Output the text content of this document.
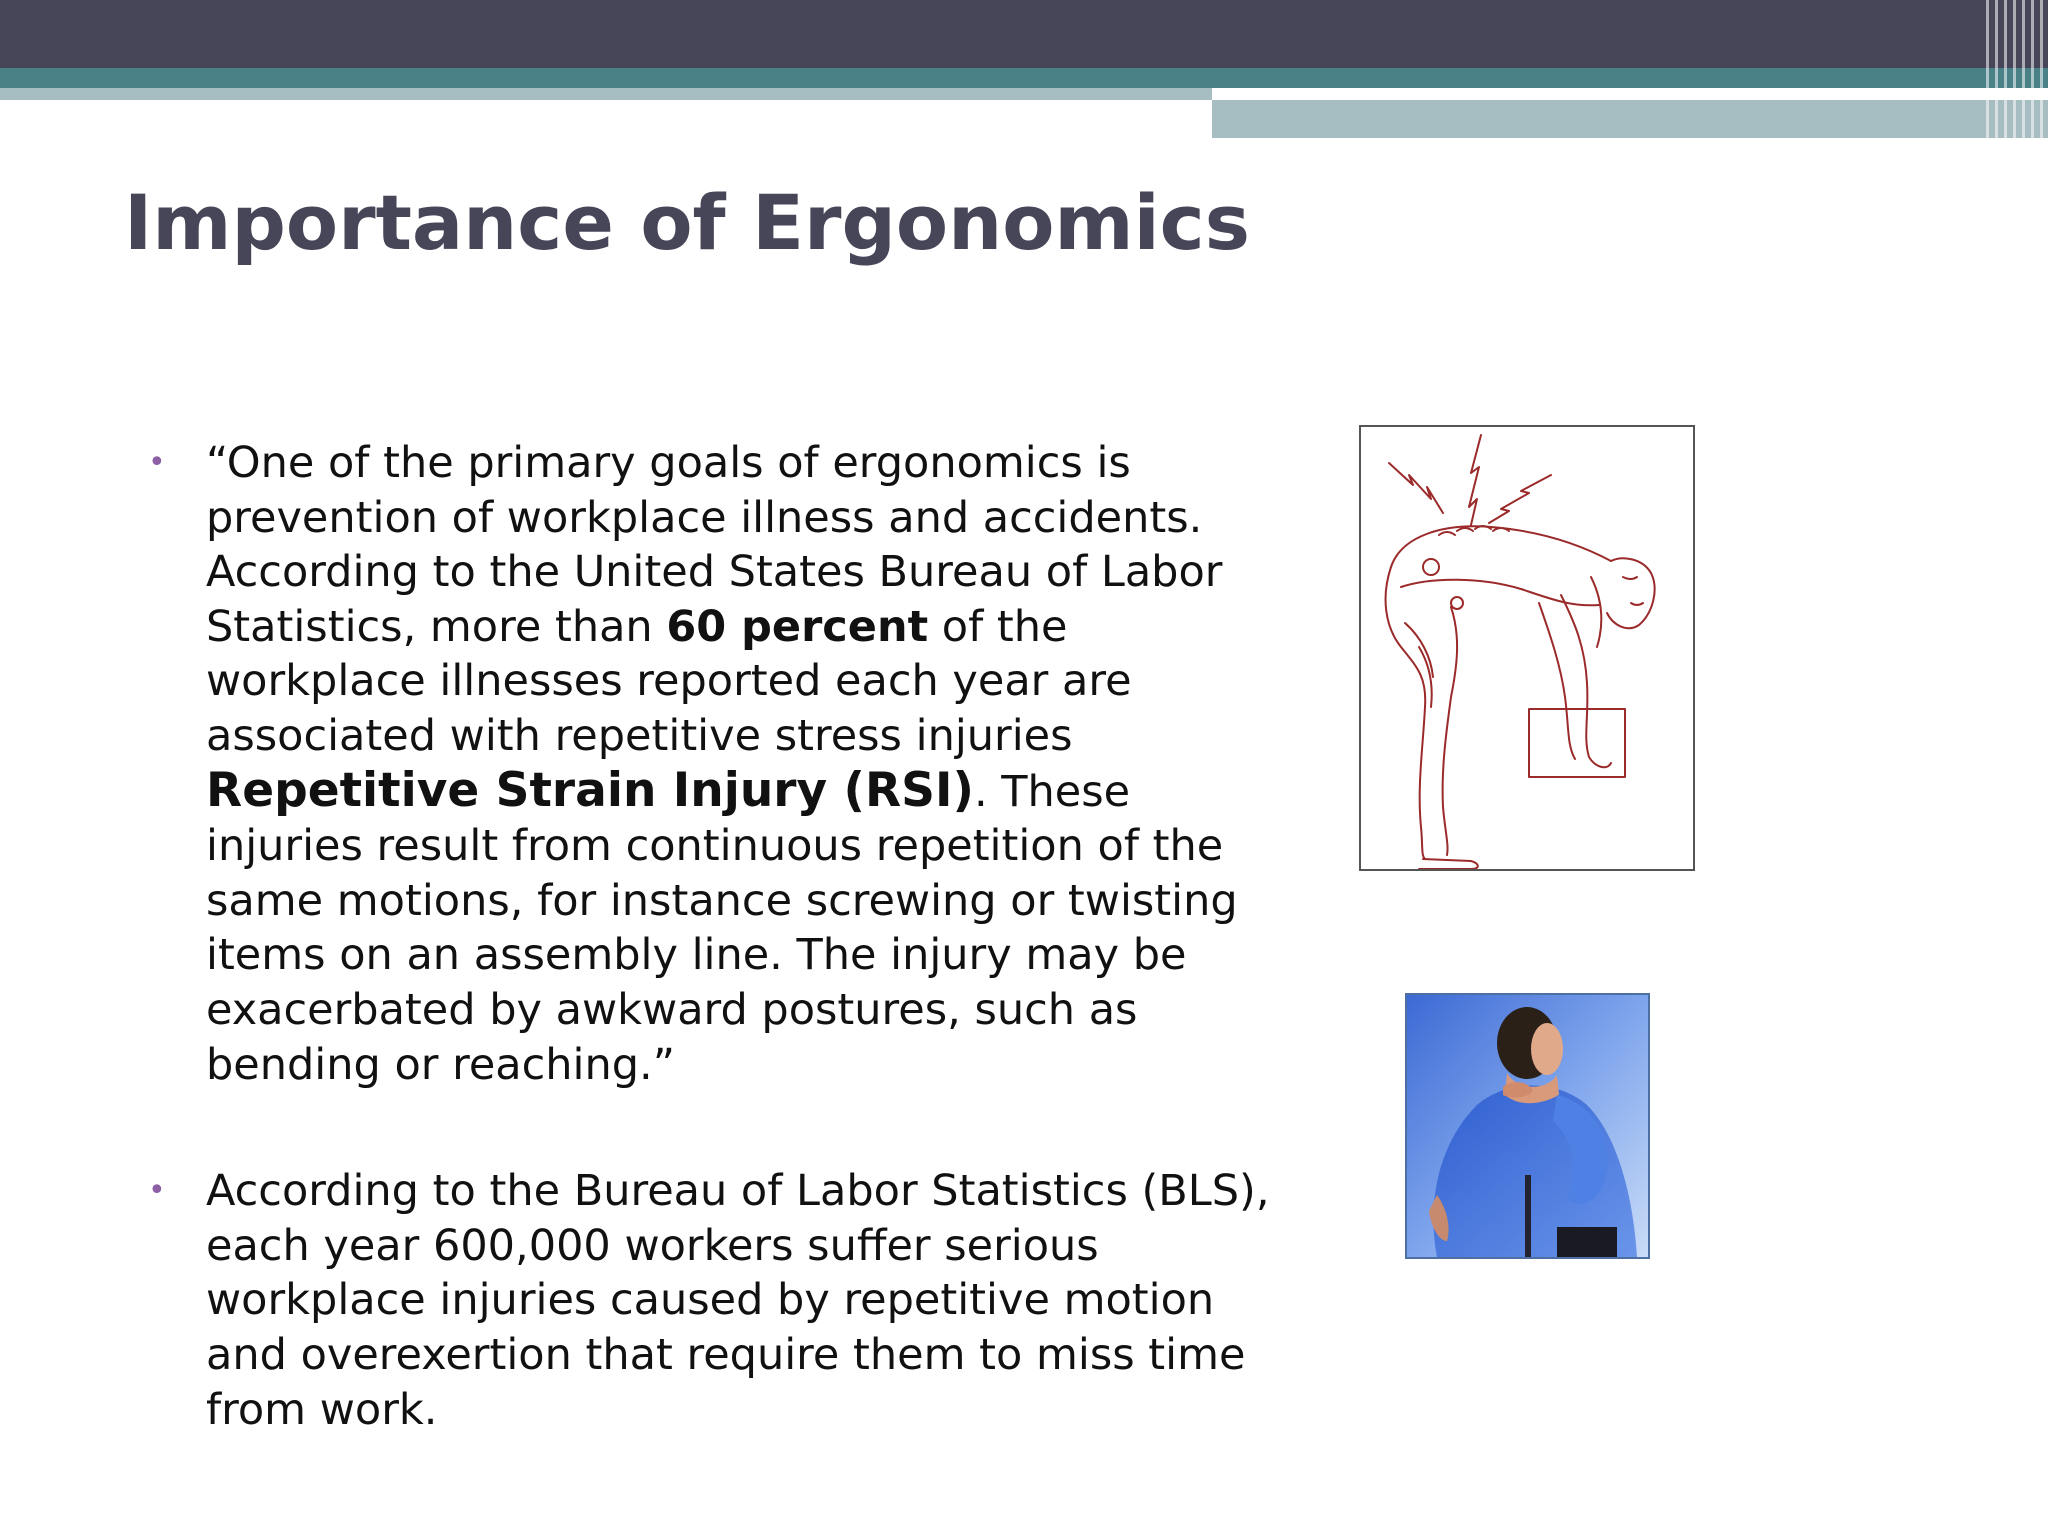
Importance of Ergonomics
• “One of the primary goals of ergonomics is prevention of workplace illness and accidents. According to the United States Bureau of Labor Statistics, more than 60 percent of the workplace illnesses reported each year are associated with repetitive stress injuries Repetitive Strain Injury (RSI). These injuries result from continuous repetition of the same motions, for instance screwing or twisting items on an assembly line. The injury may be exacerbated by awkward postures, such as bending or reaching.”
• According to the Bureau of Labor Statistics (BLS), each year 600,000 workers suffer serious workplace injuries caused by repetitive motion and overexertion that require them to miss time from work.
